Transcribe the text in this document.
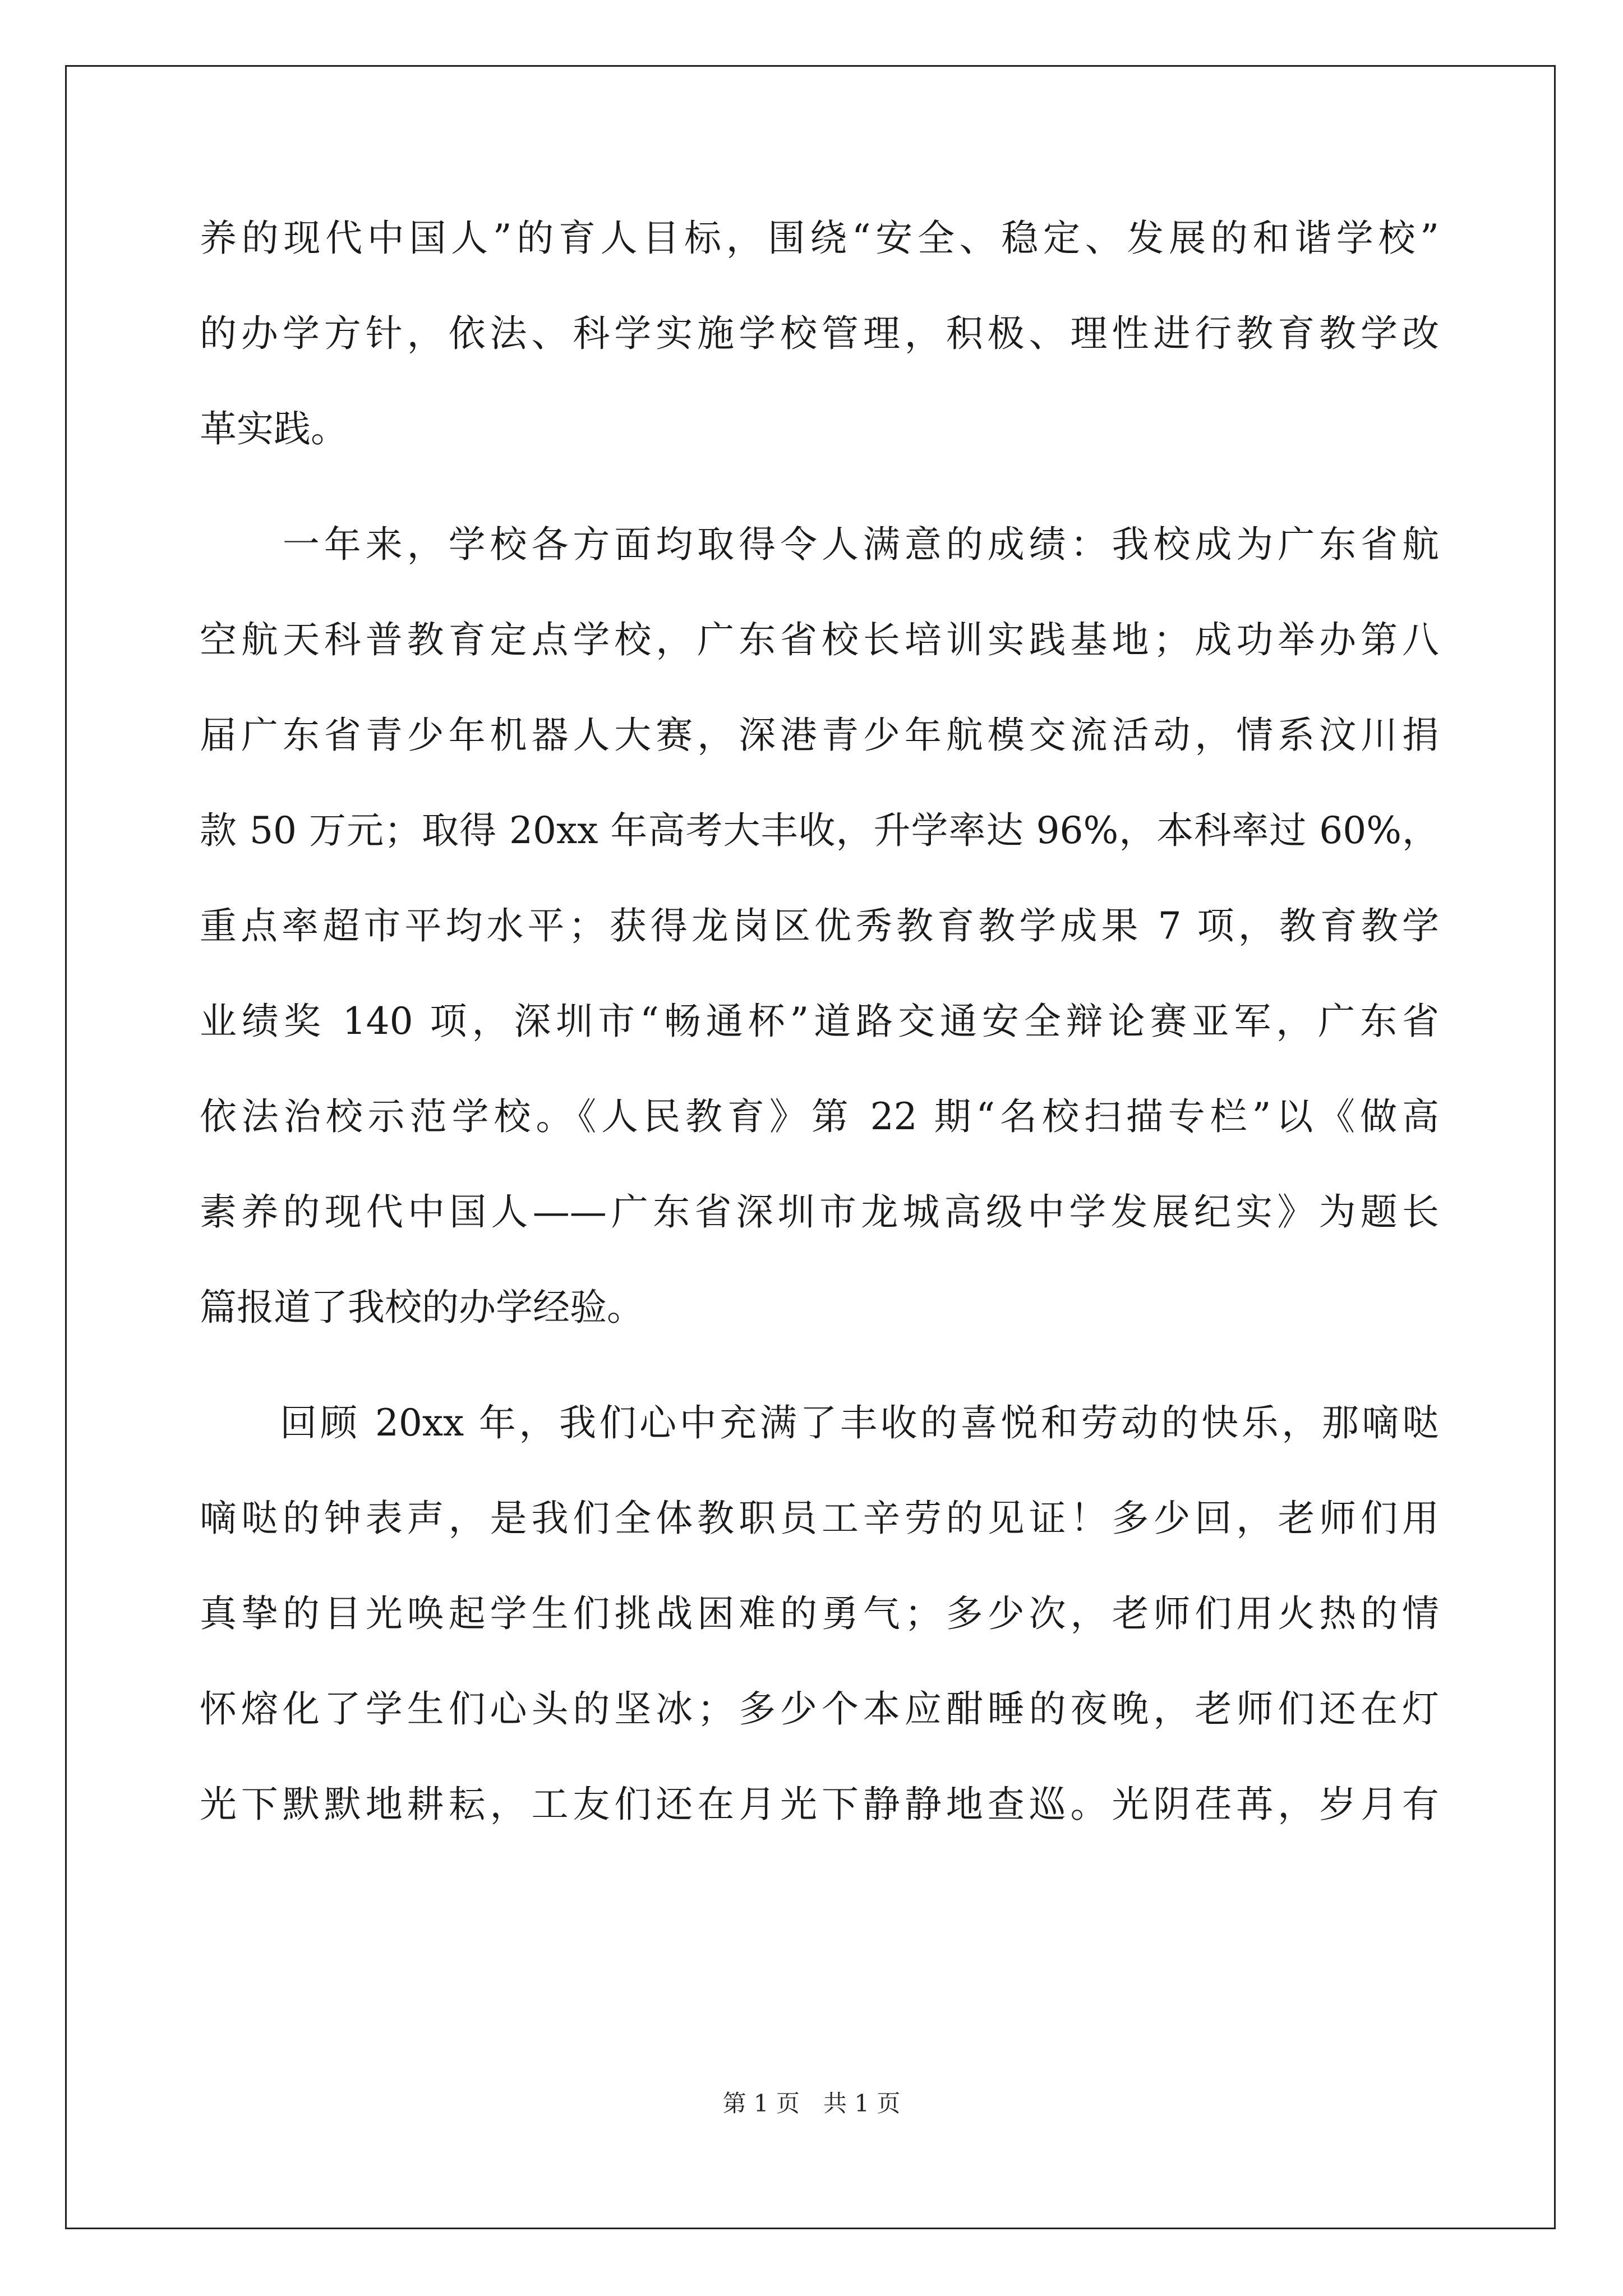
养的现代中国人”的育人目标，围绕“安全、稳定、发展的和谐学校”
的办学方针，依法、科学实施学校管理，积极、理性进行教育教学改
革实践。
　　一年来，学校各方面均取得令人满意的成绩：我校成为广东省航
空航天科普教育定点学校，广东省校长培训实践基地；成功举办第八
届广东省青少年机器人大赛，深港青少年航模交流活动，情系汶川捐
款 50 万元；取得 20xx 年高考大丰收，升学率达 96%，本科率过 60%，
重点率超市平均水平；获得龙岗区优秀教育教学成果 7 项，教育教学
业绩奖 140 项，深圳市“畅通杯”道路交通安全辩论赛亚军，广东省
依法治校示范学校。《人民教育》第 22 期“名校扫描专栏”以《做高
素养的现代中国人——广东省深圳市龙城高级中学发展纪实》为题长
篇报道了我校的办学经验。
　　回顾 20xx 年，我们心中充满了丰收的喜悦和劳动的快乐，那嘀哒
嘀哒的钟表声，是我们全体教职员工辛劳的见证！多少回，老师们用
真挚的目光唤起学生们挑战困难的勇气；多少次，老师们用火热的情
怀熔化了学生们心头的坚冰；多少个本应酣睡的夜晚，老师们还在灯
光下默默地耕耘，工友们还在月光下静静地查巡。光阴荏苒，岁月有
第 1 页　共 1 页
